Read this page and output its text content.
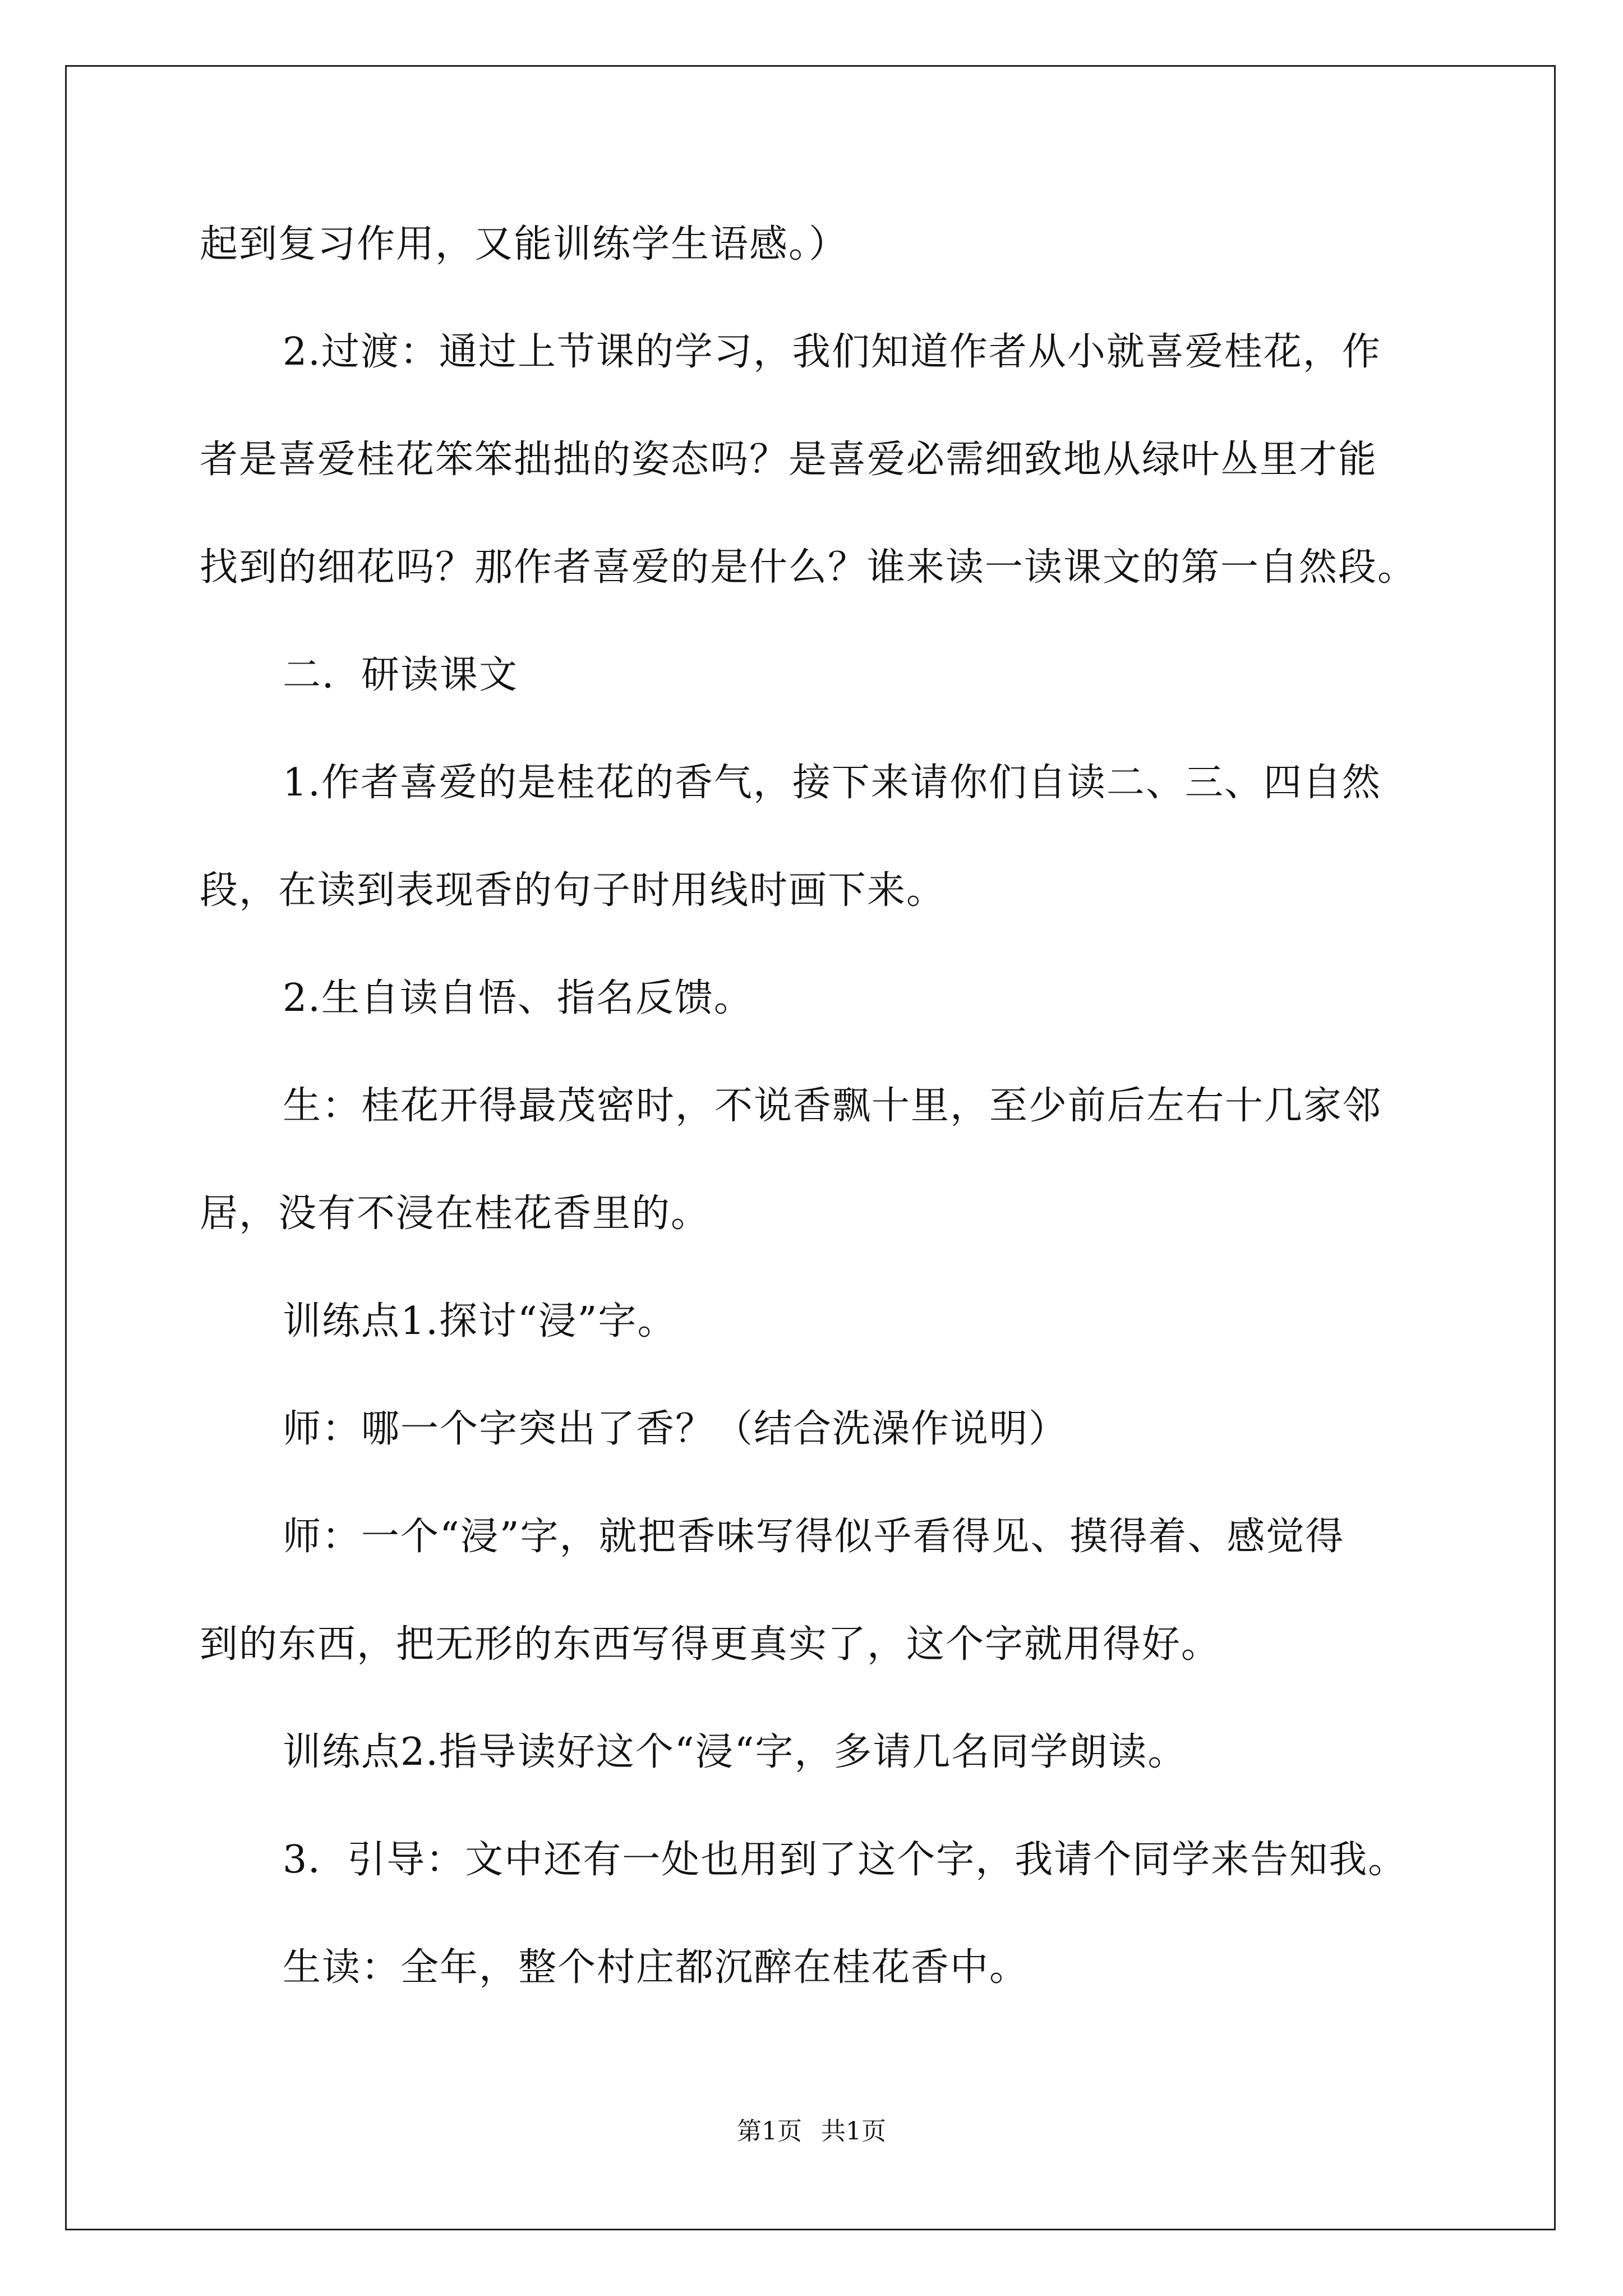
起到复习作用，又能训练学生语感。）
2.过渡：通过上节课的学习，我们知道作者从小就喜爱桂花，作
者是喜爱桂花笨笨拙拙的姿态吗？是喜爱必需细致地从绿叶丛里才能
找到的细花吗？那作者喜爱的是什么？谁来读一读课文的第一自然段。
二．研读课文
1.作者喜爱的是桂花的香气，接下来请你们自读二、三、四自然
段，在读到表现香的句子时用线时画下来。
2.生自读自悟、指名反馈。
生：桂花开得最茂密时，不说香飘十里，至少前后左右十几家邻
居，没有不浸在桂花香里的。
训练点1.探讨“浸”字。
师：哪一个字突出了香？（结合洗澡作说明）
师：一个“浸”字，就把香味写得似乎看得见、摸得着、感觉得
到的东西，把无形的东西写得更真实了，这个字就用得好。
训练点2.指导读好这个“浸“字，多请几名同学朗读。
3．引导：文中还有一处也用到了这个字，我请个同学来告知我。
生读：全年，整个村庄都沉醉在桂花香中。
第1页 共1页
